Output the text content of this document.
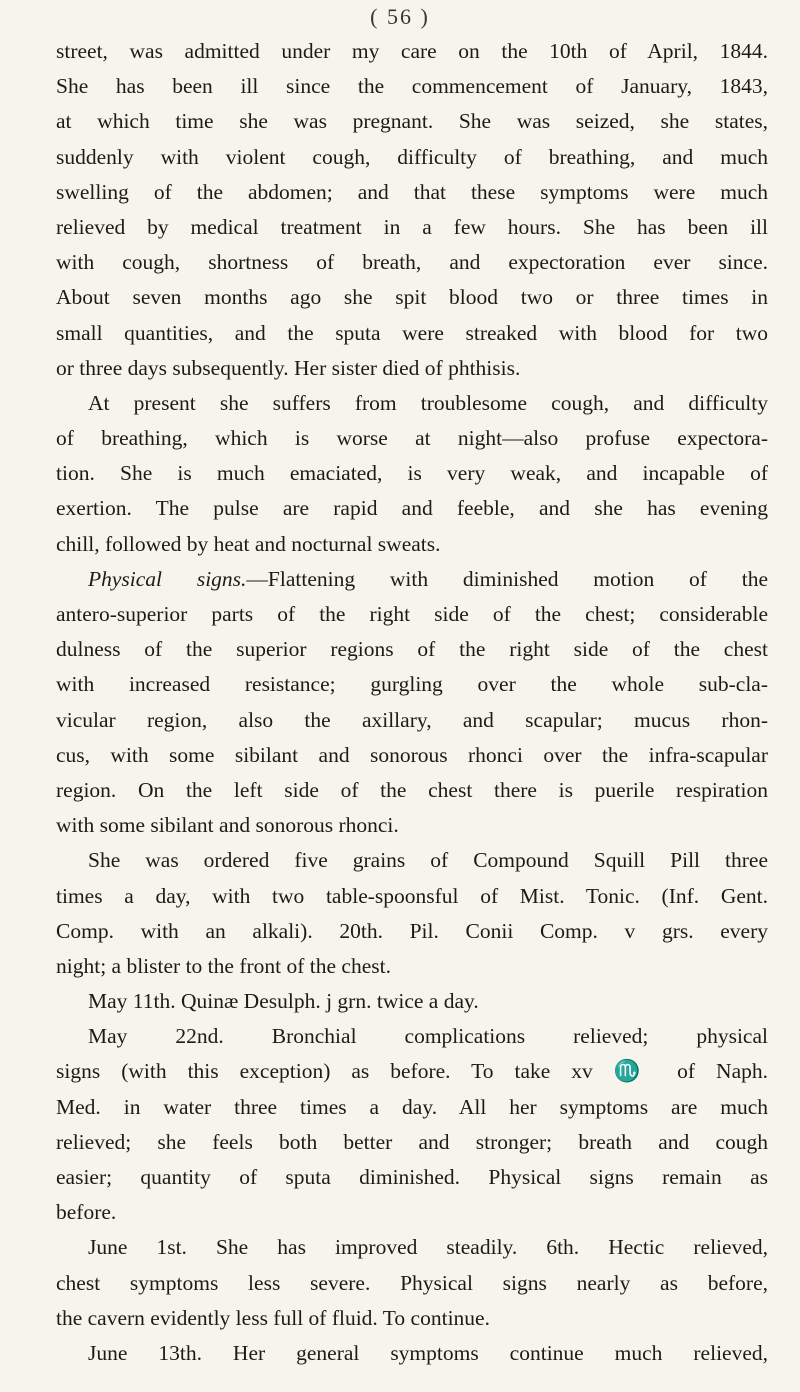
( 56 )
street, was admitted under my care on the 10th of April, 1844.
She has been ill since the commencement of January, 1843,
at which time she was pregnant. She was seized, she states,
suddenly with violent cough, difficulty of breathing, and much
swelling of the abdomen; and that these symptoms were much
relieved by medical treatment in a few hours. She has been ill
with cough, shortness of breath, and expectoration ever since.
About seven months ago she spit blood two or three times in
small quantities, and the sputa were streaked with blood for two
or three days subsequently. Her sister died of phthisis.
At present she suffers from troublesome cough, and difficulty
of breathing, which is worse at night—also profuse expectora-
tion. She is much emaciated, is very weak, and incapable of
exertion. The pulse are rapid and feeble, and she has evening
chill, followed by heat and nocturnal sweats.
Physical signs.—Flattening with diminished motion of the
antero-superior parts of the right side of the chest; considerable
dulness of the superior regions of the right side of the chest
with increased resistance; gurgling over the whole sub-cla-
vicular region, also the axillary, and scapular; mucus rhon-
cus, with some sibilant and sonorous rhonci over the infra-scapular
region. On the left side of the chest there is puerile respiration
with some sibilant and sonorous rhonci.
She was ordered five grains of Compound Squill Pill three
times a day, with two table-spoonsful of Mist. Tonic. (Inf. Gent.
Comp. with an alkali). 20th. Pil. Conii Comp. v grs. every
night; a blister to the front of the chest.
May 11th. Quinæ Desulph. j grn. twice a day.
May 22nd. Bronchial complications relieved; physical
signs (with this exception) as before. To take xv ♏ of Naph.
Med. in water three times a day. All her symptoms are much
relieved; she feels both better and stronger; breath and cough
easier; quantity of sputa diminished. Physical signs remain as
before.
June 1st. She has improved steadily. 6th. Hectic relieved,
chest symptoms less severe. Physical signs nearly as before,
the cavern evidently less full of fluid. To continue.
June 13th. Her general symptoms continue much relieved,
